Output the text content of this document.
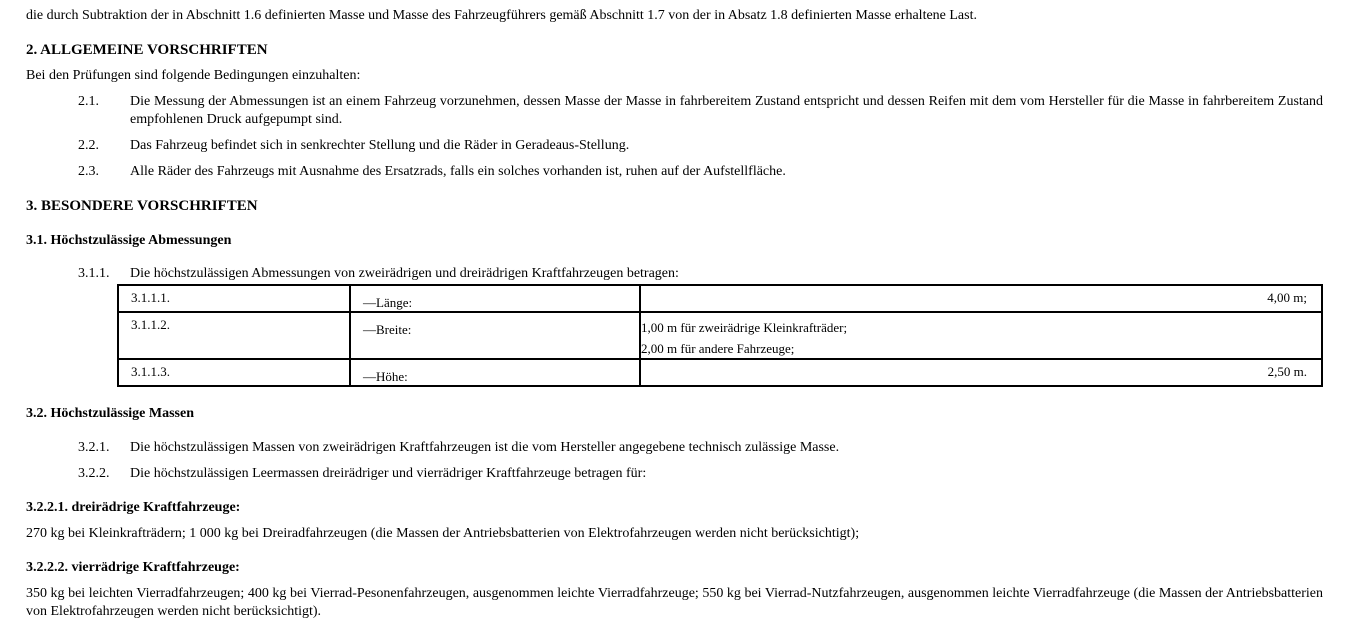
die durch Subtraktion der in Abschnitt 1.6 definierten Masse und Masse des Fahrzeugführers gemäß Abschnitt 1.7 von der in Absatz 1.8 definierten Masse erhaltene Last.
2. ALLGEMEINE VORSCHRIFTEN
Bei den Prüfungen sind folgende Bedingungen einzuhalten:
2.1. Die Messung der Abmessungen ist an einem Fahrzeug vorzunehmen, dessen Masse der Masse in fahrbereitem Zustand entspricht und dessen Reifen mit dem vom Hersteller für die Masse in fahrbereitem Zustand empfohlenen Druck aufgepumpt sind.
2.2. Das Fahrzeug befindet sich in senkrechter Stellung und die Räder in Geradeaus-Stellung.
2.3. Alle Räder des Fahrzeugs mit Ausnahme des Ersatzrads, falls ein solches vorhanden ist, ruhen auf der Aufstellfläche.
3. BESONDERE VORSCHRIFTEN
3.1. Höchstzulässige Abmessungen
3.1.1. Die höchstzulässigen Abmessungen von zweirädrigen und dreirädrigen Kraftfahrzeugen betragen:
3.1.1.1.	—Länge:	4,00 m;

3.1.1.2.	—Breite:	1,00 m für zweirädrige Kleinkrafträder;
2,00 m für andere Fahrzeuge;

3.1.1.3.	—Höhe:	2,50 m.
3.2. Höchstzulässige Massen
3.2.1. Die höchstzulässigen Massen von zweirädrigen Kraftfahrzeugen ist die vom Hersteller angegebene technisch zulässige Masse.
3.2.2. Die höchstzulässigen Leermassen dreirädriger und vierrädriger Kraftfahrzeuge betragen für:
3.2.2.1. dreirädrige Kraftfahrzeuge:
270 kg bei Kleinkrafträdern; 1 000 kg bei Dreiradfahrzeugen (die Massen der Antriebsbatterien von Elektrofahrzeugen werden nicht berücksichtigt);
3.2.2.2. vierrädrige Kraftfahrzeuge:
350 kg bei leichten Vierradfahrzeugen; 400 kg bei Vierrad-Pesonenfahrzeugen, ausgenommen leichte Vierradfahrzeuge; 550 kg bei Vierrad-Nutzfahrzeugen, ausgenommen leichte Vierradfahrzeuge (die Massen der Antriebsbatterien von Elektrofahrzeugen werden nicht berücksichtigt).
